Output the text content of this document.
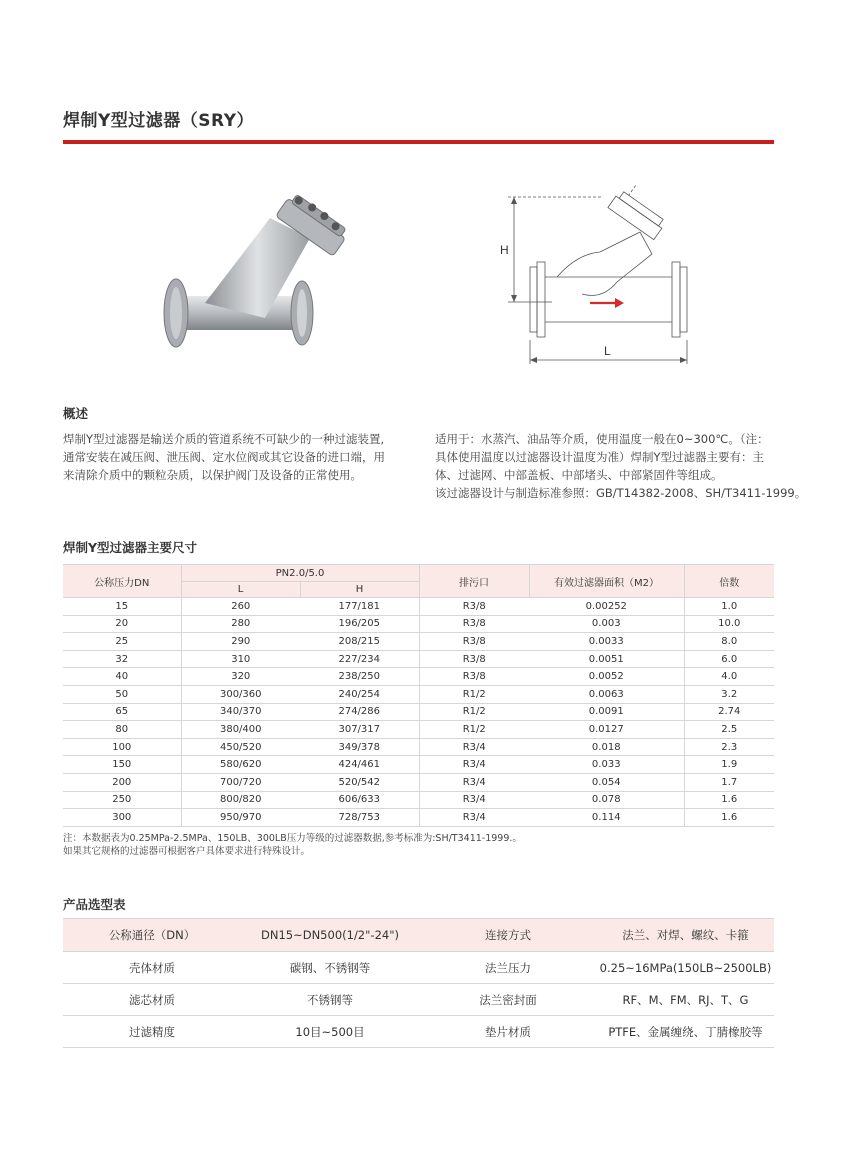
焊制Y型过滤器（SRY）
H
L
概述
焊制Y型过滤器是输送介质的管道系统不可缺少的一种过滤装置,
通常安装在减压阀、泄压阀、定水位阀或其它设备的进口端，用
来清除介质中的颗粒杂质，以保护阀门及设备的正常使用。
适用于：水蒸汽、油品等介质，使用温度一般在0~300℃。（注：
具体使用温度以过滤器设计温度为准）焊制Y型过滤器主要有：主
体、过滤网、中部盖板、中部堵头、中部紧固件等组成。
该过滤器设计与制造标准参照：GB/T14382-2008、SH/T3411-1999。
焊制Y型过滤器主要尺寸
公称压力DN	PN2.0/5.0		排污口	有效过滤器面积（M2）	倍数
	L	H			
15	260	177/181	R3/8	0.00252	1.0
20	280	196/205	R3/8	0.003	10.0
25	290	208/215	R3/8	0.0033	8.0
32	310	227/234	R3/8	0.0051	6.0
40	320	238/250	R3/8	0.0052	4.0
50	300/360	240/254	R1/2	0.0063	3.2
65	340/370	274/286	R1/2	0.0091	2.74
80	380/400	307/317	R1/2	0.0127	2.5
100	450/520	349/378	R3/4	0.018	2.3
150	580/620	424/461	R3/4	0.033	1.9
200	700/720	520/542	R3/4	0.054	1.7
250	800/820	606/633	R3/4	0.078	1.6
300	950/970	728/753	R3/4	0.114	1.6
注：本数据表为0.25MPa-2.5MPa、150LB、300LB压力等级的过滤器数据,参考标准为:SH/T3411-1999.。
如果其它规格的过滤器可根据客户具体要求进行特殊设计。
产品选型表
公称通径（DN）	DN15~DN500(1/2"-24")	连接方式	法兰、对焊、螺纹、卡箍
壳体材质	碳钢、不锈钢等	法兰压力	0.25~16MPa(150LB~2500LB)
滤芯材质	不锈钢等	法兰密封面	RF、M、FM、RJ、T、G
过滤精度	10目~500目	垫片材质	PTFE、金属缠绕、丁腈橡胶等
